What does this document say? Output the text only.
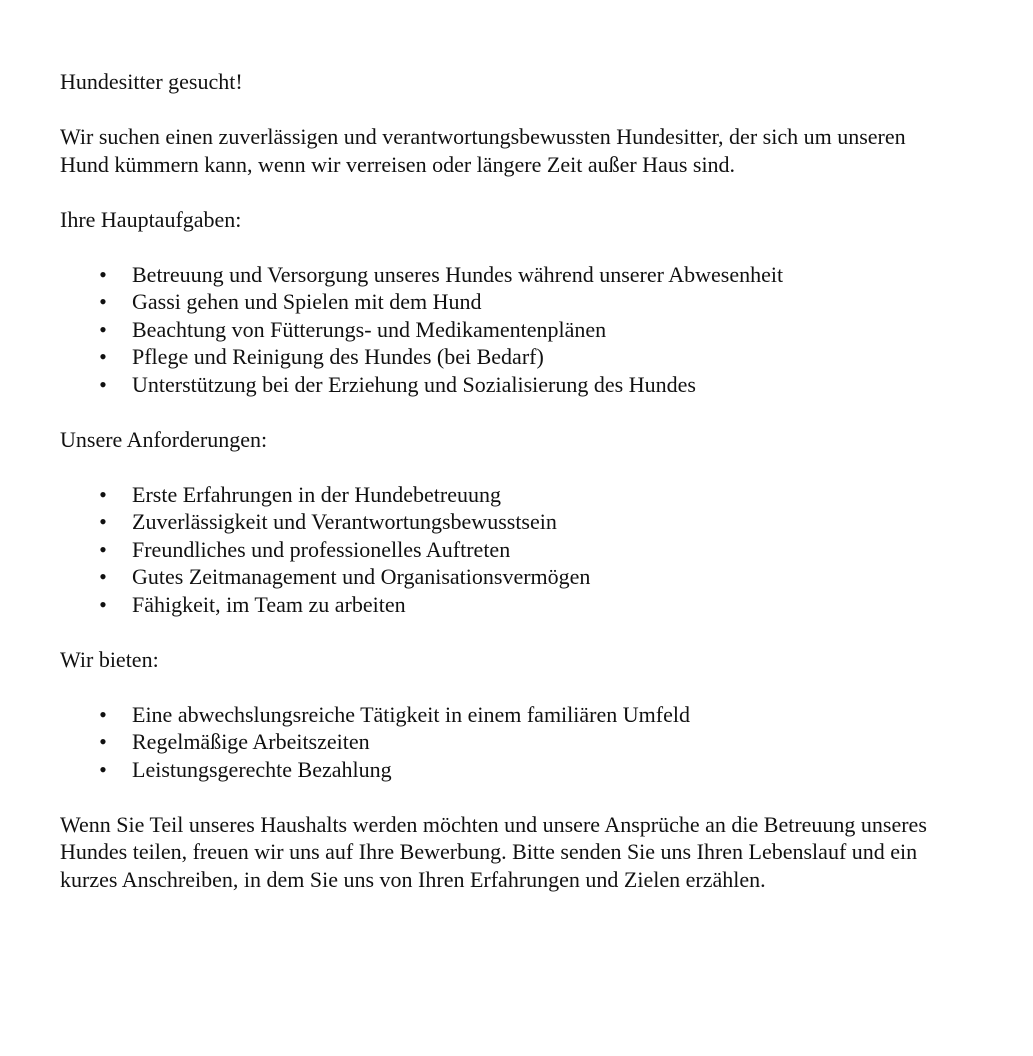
Hundesitter gesucht!

Wir suchen einen zuverlässigen und verantwortungsbewussten Hundesitter, der sich um unseren Hund kümmern kann, wenn wir verreisen oder längere Zeit außer Haus sind.

Ihre Hauptaufgaben:

• Betreuung und Versorgung unseres Hundes während unserer Abwesenheit
• Gassi gehen und Spielen mit dem Hund
• Beachtung von Fütterungs- und Medikamentenplänen
• Pflege und Reinigung des Hundes (bei Bedarf)
• Unterstützung bei der Erziehung und Sozialisierung des Hundes

Unsere Anforderungen:

• Erste Erfahrungen in der Hundebetreuung
• Zuverlässigkeit und Verantwortungsbewusstsein
• Freundliches und professionelles Auftreten
• Gutes Zeitmanagement und Organisationsvermögen
• Fähigkeit, im Team zu arbeiten

Wir bieten:

• Eine abwechslungsreiche Tätigkeit in einem familiären Umfeld
• Regelmäßige Arbeitszeiten
• Leistungsgerechte Bezahlung

Wenn Sie Teil unseres Haushalts werden möchten und unsere Ansprüche an die Betreuung unseres Hundes teilen, freuen wir uns auf Ihre Bewerbung. Bitte senden Sie uns Ihren Lebenslauf und ein kurzes Anschreiben, in dem Sie uns von Ihren Erfahrungen und Zielen erzählen.
